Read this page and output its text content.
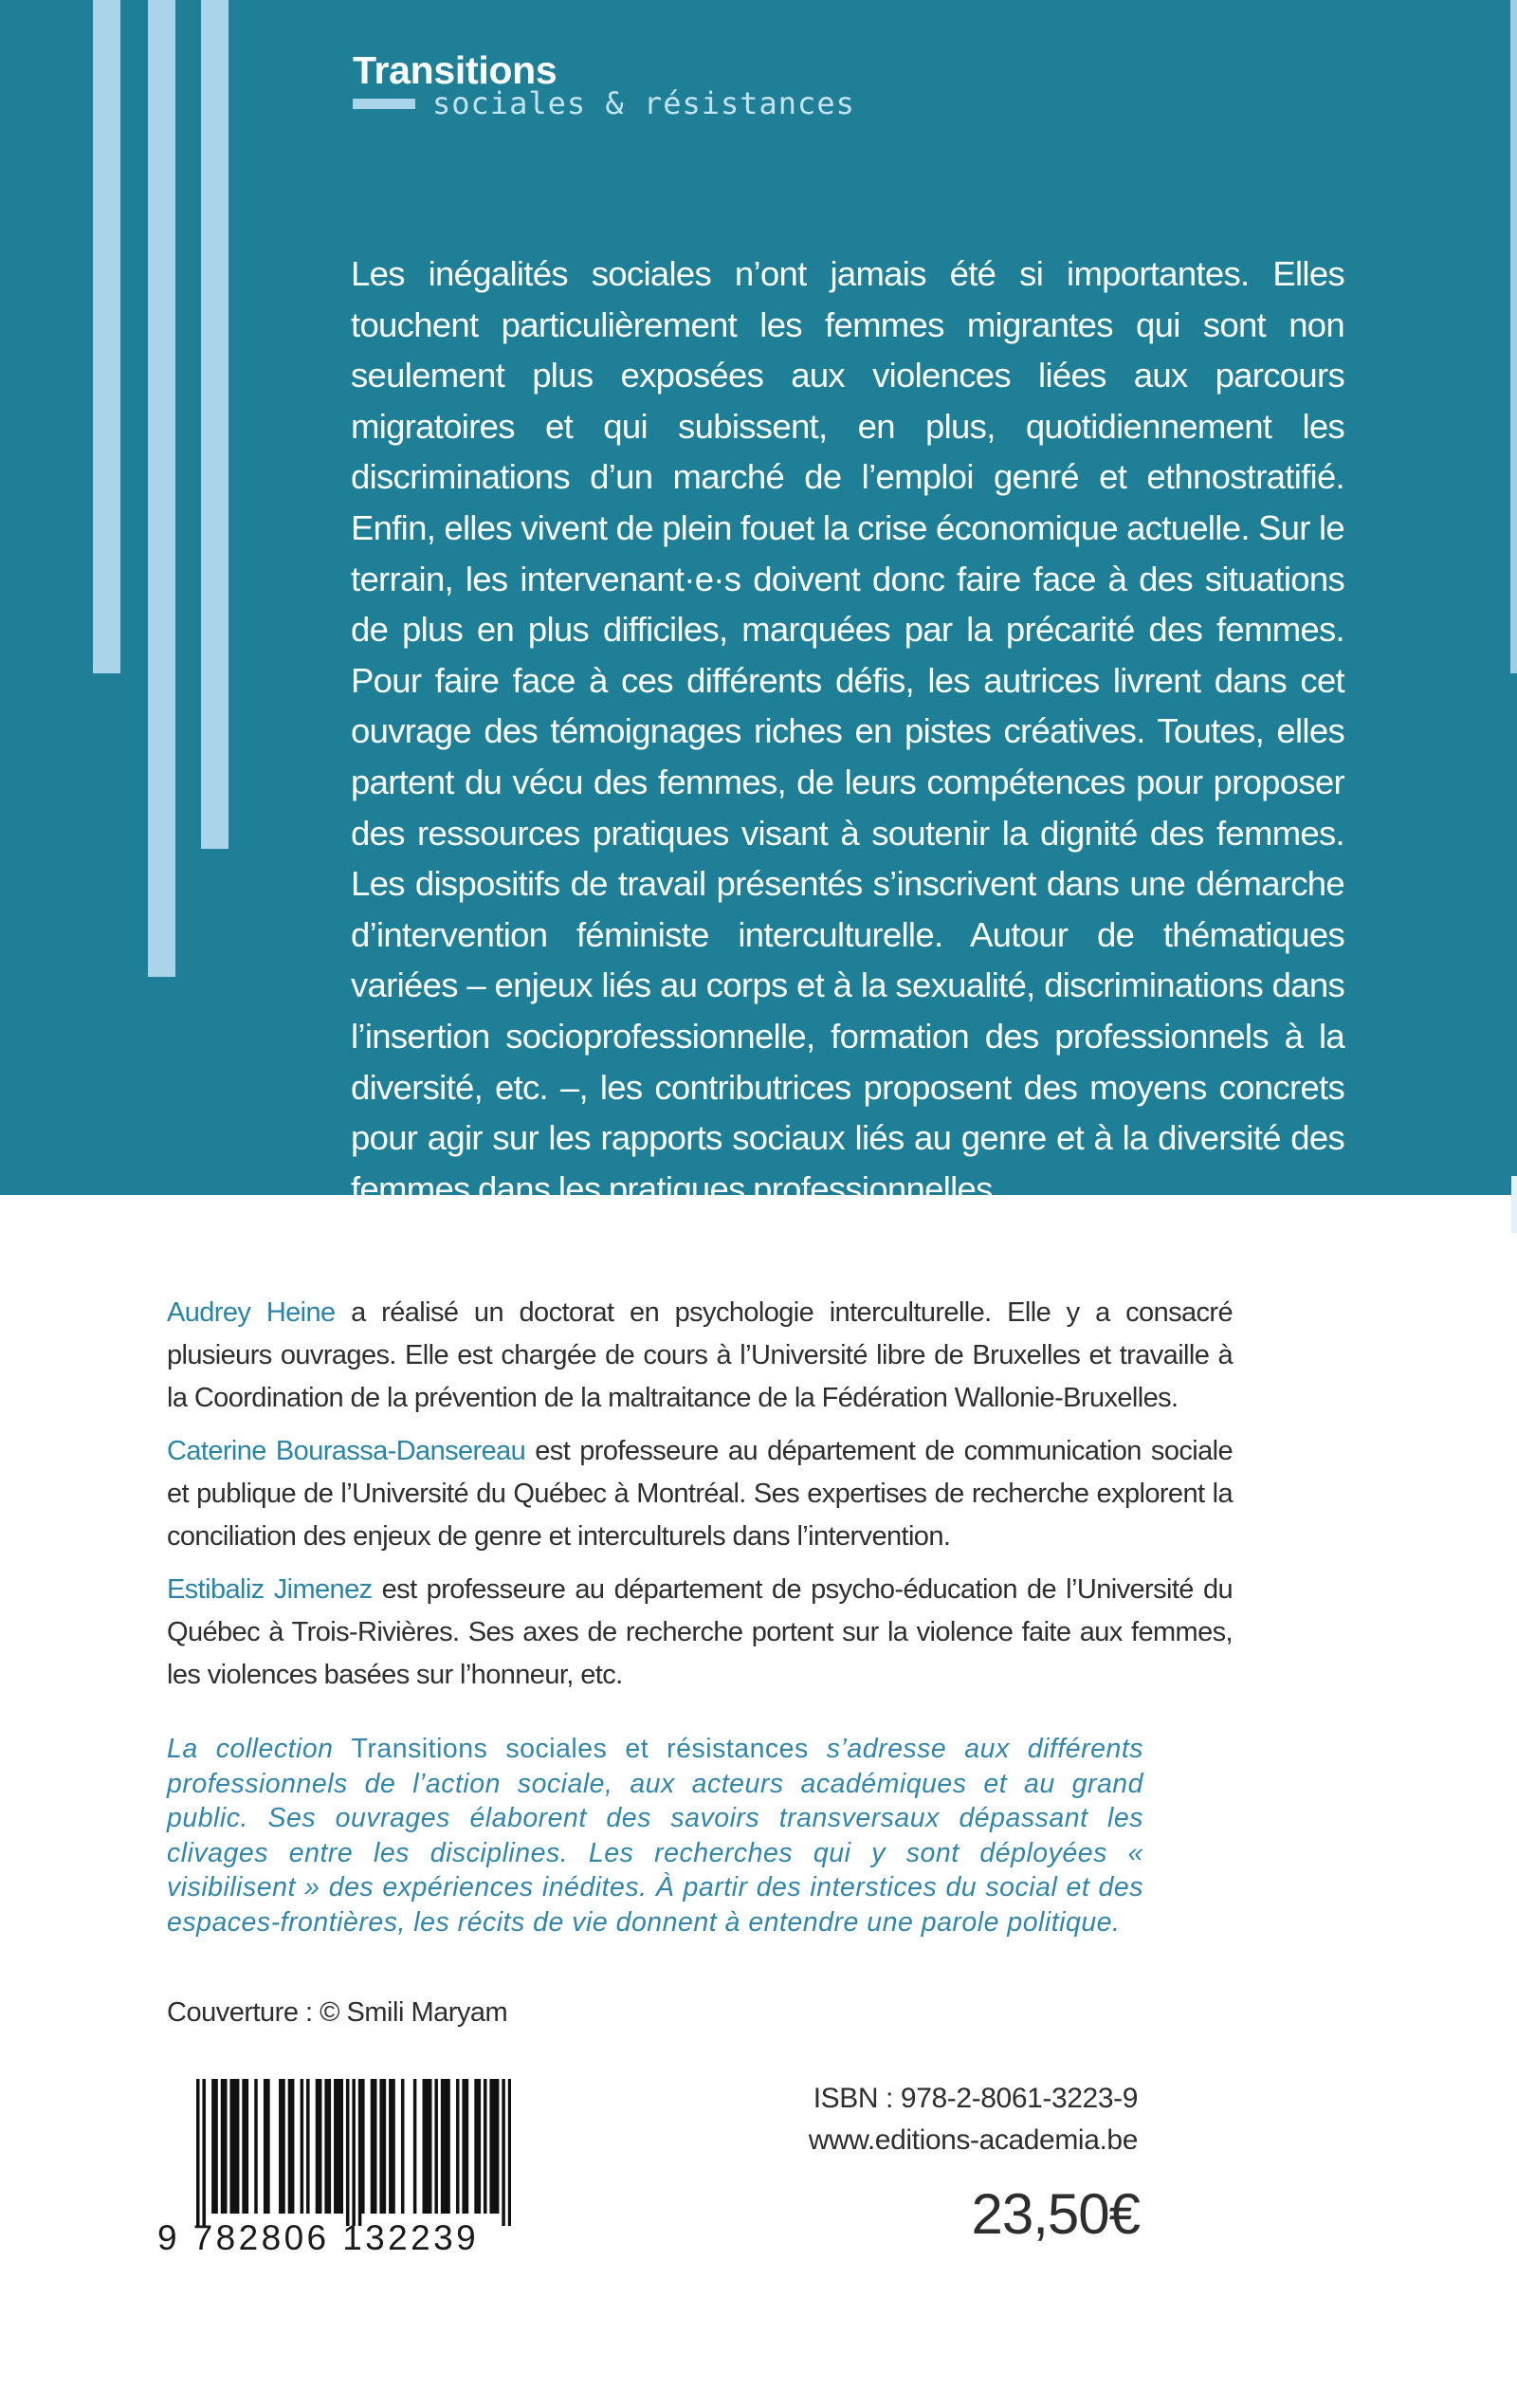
Transitions
sociales & résistances
Les inégalités sociales n’ont jamais été si importantes. Elles touchent particulièrement les femmes migrantes qui sont non seulement plus exposées aux violences liées aux parcours migratoires et qui subissent, en plus, quotidiennement les discriminations d’un marché de l’emploi genré et ethnostratifié. Enfin, elles vivent de plein fouet la crise économique actuelle. Sur le terrain, les intervenant·e·s doivent donc faire face à des situations de plus en plus difficiles, marquées par la précarité des femmes. Pour faire face à ces différents défis, les autrices livrent dans cet ouvrage des témoignages riches en pistes créatives. Toutes, elles partent du vécu des femmes, de leurs compétences pour proposer des ressources pratiques visant à soutenir la dignité des femmes. Les dispositifs de travail présentés s’inscrivent dans une démarche d’intervention féministe interculturelle. Autour de thématiques variées – enjeux liés au corps et à la sexualité, discriminations dans l’insertion socioprofessionnelle, formation des professionnels à la diversité, etc. –, les contributrices proposent des moyens concrets pour agir sur les rapports sociaux liés au genre et à la diversité des femmes dans les pratiques professionnelles.

Audrey Heine a réalisé un doctorat en psychologie interculturelle. Elle y a consacré plusieurs ouvrages. Elle est chargée de cours à l’Université libre de Bruxelles et travaille à la Coordination de la prévention de la maltraitance de la Fédération Wallonie-Bruxelles.

Caterine Bourassa-Dansereau est professeure au département de communication sociale et publique de l’Université du Québec à Montréal. Ses expertises de recherche explorent la conciliation des enjeux de genre et interculturels dans l’intervention.

Estibaliz Jimenez est professeure au département de psycho-éducation de l’Université du Québec à Trois-Rivières. Ses axes de recherche portent sur la violence faite aux femmes, les violences basées sur l’honneur, etc.

La collection Transitions sociales et résistances s’adresse aux différents professionnels de l’action sociale, aux acteurs académiques et au grand public. Ses ouvrages élaborent des savoirs transversaux dépassant les clivages entre les disciplines. Les recherches qui y sont déployées « visibilisent » des expériences inédites. À partir des interstices du social et des espaces-frontières, les récits de vie donnent à entendre une parole politique.
Couverture : © Smili Maryam
9 782806 132239
ISBN : 978-2-8061-3223-9
www.editions-academia.be
23,50€
